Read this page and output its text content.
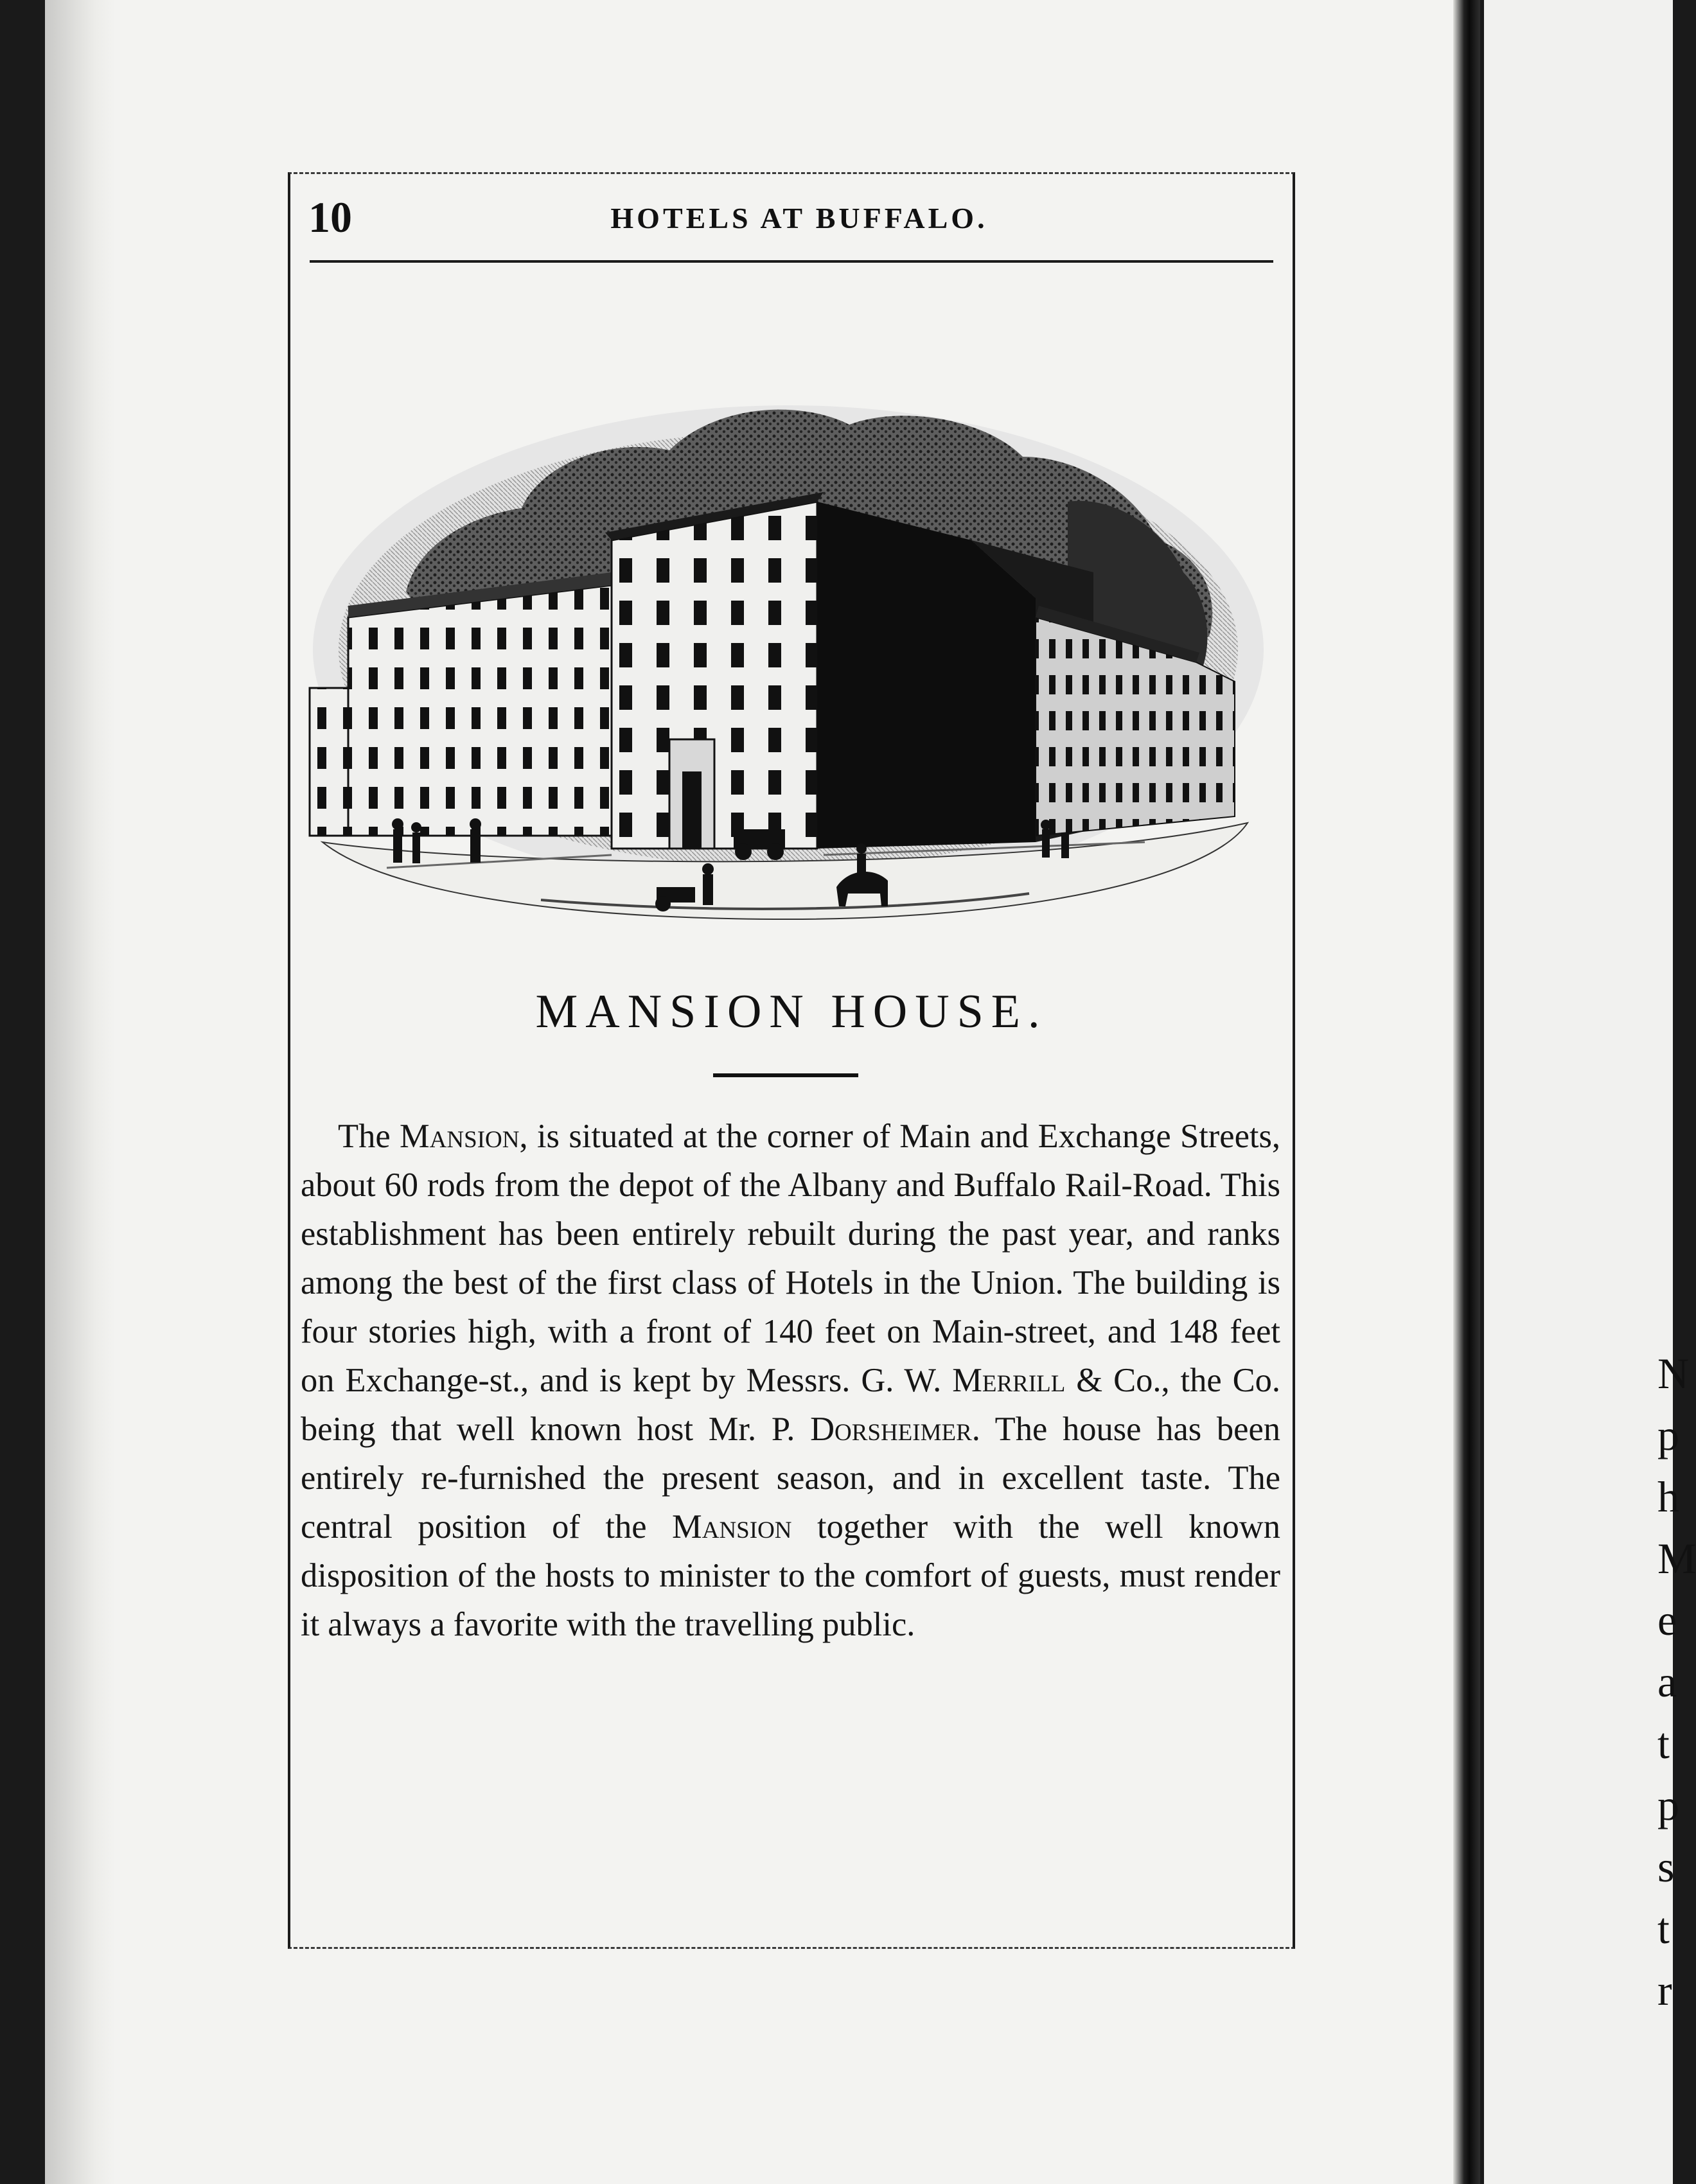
N
p
h
M
e
a
t
p
s
t
r
10	HOTELS AT BUFFALO.
MANSION HOUSE.

The Mansion, is situated at the corner of Main and Exchange Streets, about 60 rods from the depot of the Albany and Buffalo Rail-Road. This establishment has been entirely rebuilt during the past year, and ranks among the best of the first class of Hotels in the Union. The building is four stories high, with a front of 140 feet on Main-street, and 148 feet on Exchange-st., and is kept by Messrs. G. W. Merrill & Co., the Co. being that well known host Mr. P. Dorsheimer. The house has been entirely re-furnished the present season, and in excellent taste. The central position of the Mansion together with the well known disposition of the hosts to minister to the comfort of guests, must render it always a favorite with the travelling public.
